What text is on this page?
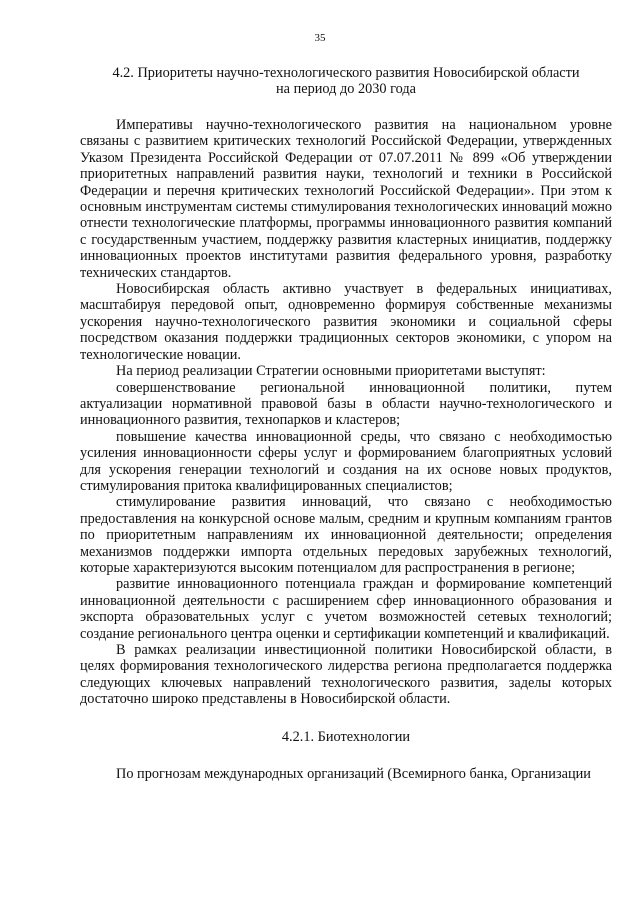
35
4.2. Приоритеты научно-технологического развития Новосибирской области
на период до 2030 года

Императивы научно-технологического развития на национальном уровне связаны с развитием критических технологий Российской Федерации, утвержденных Указом Президента Российской Федерации от 07.07.2011 № 899 «Об утверждении приоритетных направлений развития науки, технологий и техники в Российской Федерации и перечня критических технологий Российской Федерации». При этом к основным инструментам системы стимулирования технологических инноваций можно отнести технологические платформы, программы инновационного развития компаний с государственным участием, поддержку развития кластерных инициатив, поддержку инновационных проектов институтами развития федерального уровня, разработку технических стандартов.

Новосибирская область активно участвует в федеральных инициативах, масштабируя передовой опыт, одновременно формируя собственные механизмы ускорения научно-технологического развития экономики и социальной сферы посредством оказания поддержки традиционных секторов экономики, с упором на технологические новации.

На период реализации Стратегии основными приоритетами выступят:

совершенствование региональной инновационной политики, путем актуализации нормативной правовой базы в области научно-технологического и инновационного развития, технопарков и кластеров;

повышение качества инновационной среды, что связано с необходимостью усиления инновационности сферы услуг и формированием благоприятных условий для ускорения генерации технологий и создания на их основе новых продуктов, стимулирования притока квалифицированных специалистов;

стимулирование развития инноваций, что связано с необходимостью предоставления на конкурсной основе малым, средним и крупным компаниям грантов по приоритетным направлениям их инновационной деятельности; определения механизмов поддержки импорта отдельных передовых зарубежных технологий, которые характеризуются высоким потенциалом для распространения в регионе;

развитие инновационного потенциала граждан и формирование компетенций инновационной деятельности с расширением сфер инновационного образования и экспорта образовательных услуг с учетом возможностей сетевых технологий; создание регионального центра оценки и сертификации компетенций и квалификаций.

В рамках реализации инвестиционной политики Новосибирской области, в целях формирования технологического лидерства региона предполагается поддержка следующих ключевых направлений технологического развития, заделы которых достаточно широко представлены в Новосибирской области.

4.2.1. Биотехнологии

По прогнозам международных организаций (Всемирного банка, Организации
